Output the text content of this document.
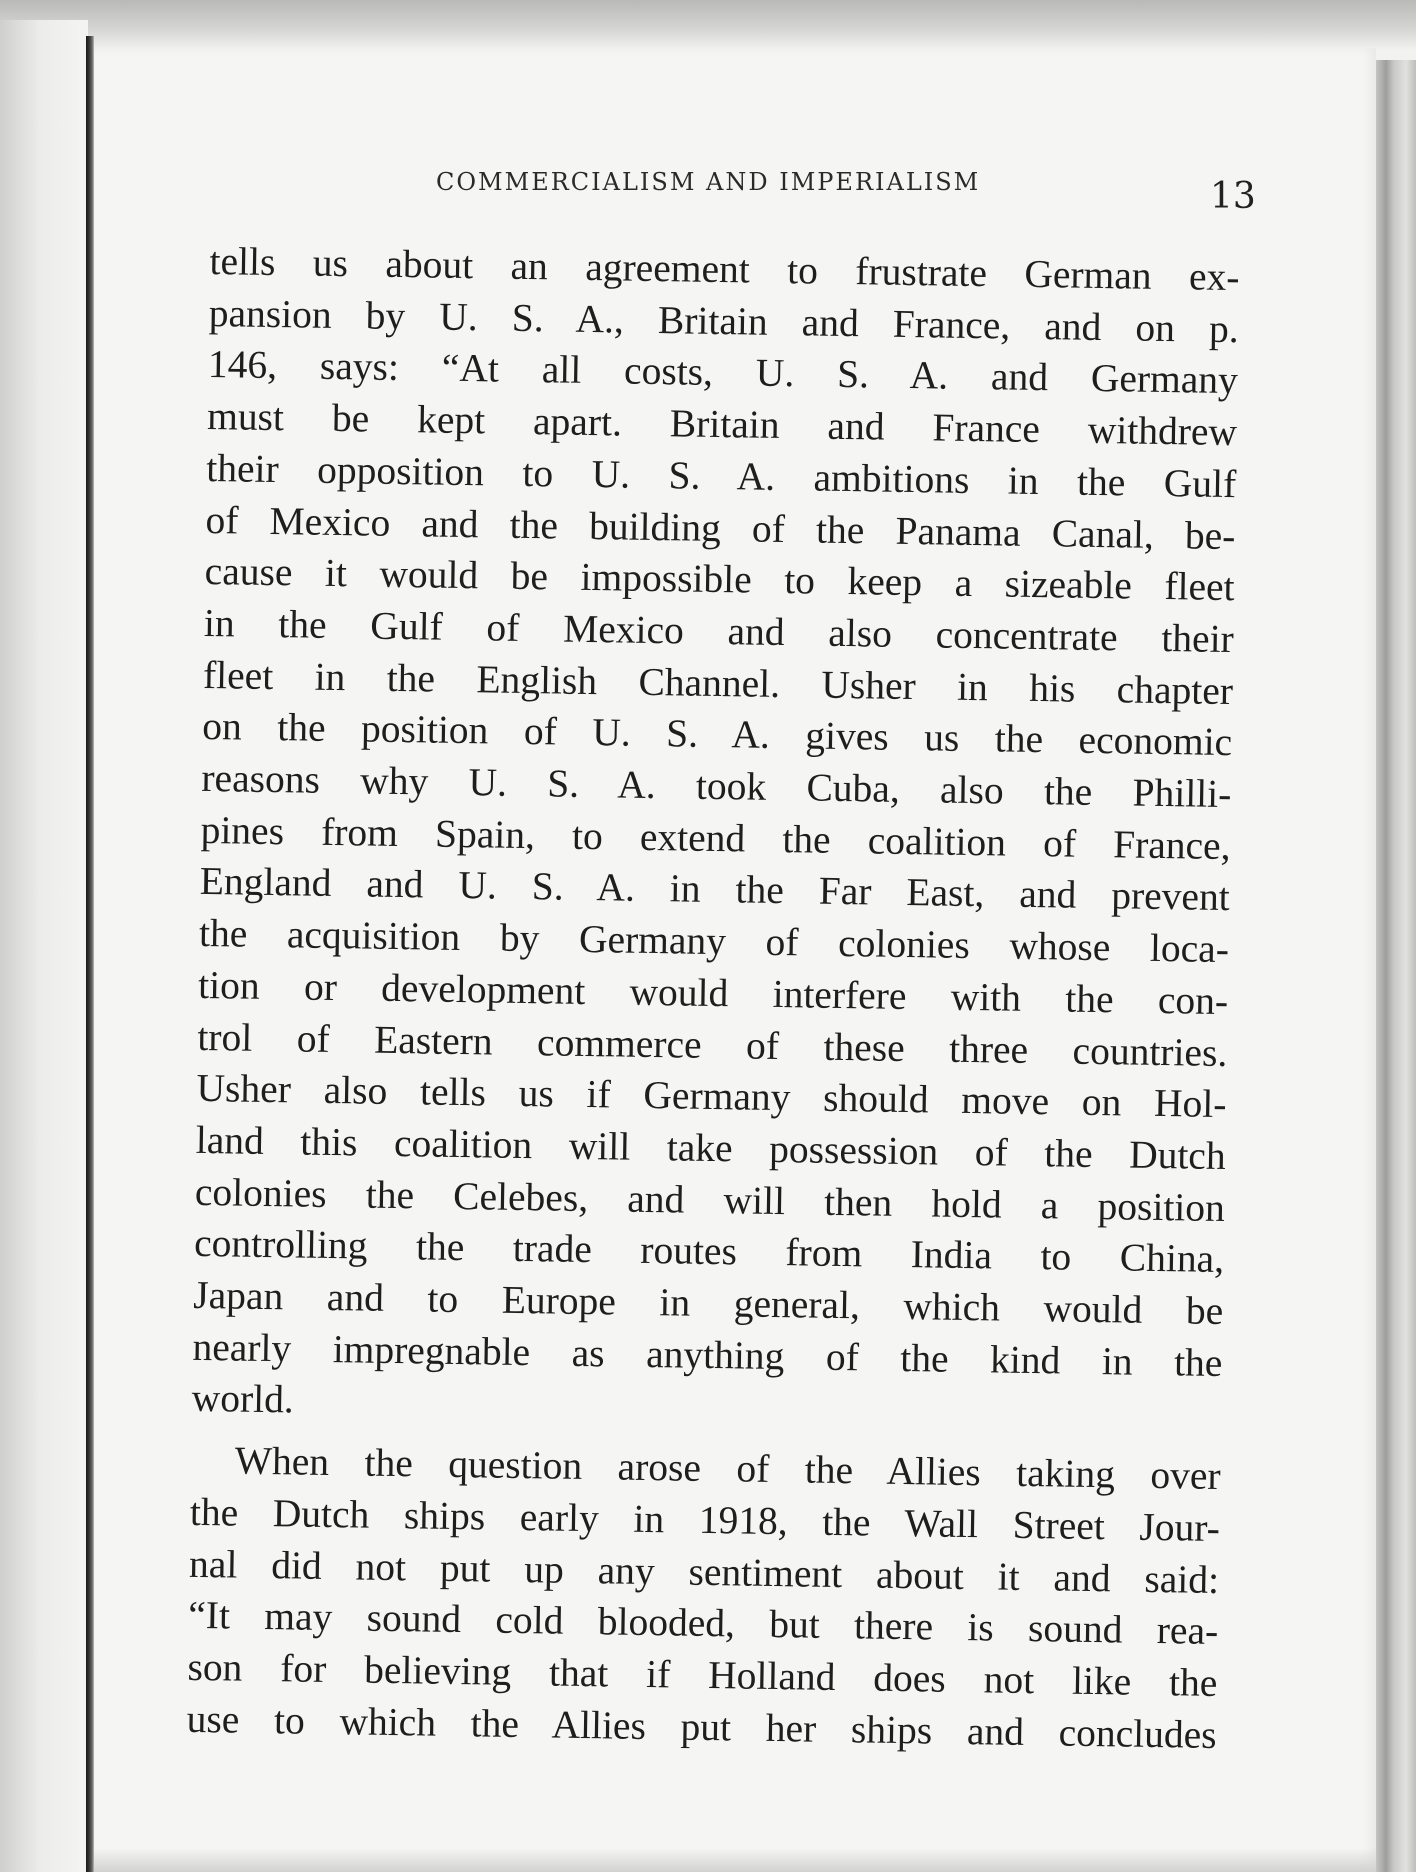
COMMERCIALISM AND IMPERIALISM	13
tells us about an agreement to frustrate German ex-
pansion by U. S. A., Britain and France, and on p.
146, says: “At all costs, U. S. A. and Germany
must be kept apart. Britain and France withdrew
their opposition to U. S. A. ambitions in the Gulf
of Mexico and the building of the Panama Canal, be-
cause it would be impossible to keep a sizeable fleet
in the Gulf of Mexico and also concentrate their
fleet in the English Channel. Usher in his chapter
on the position of U. S. A. gives us the economic
reasons why U. S. A. took Cuba, also the Philli-
pines from Spain, to extend the coalition of France,
England and U. S. A. in the Far East, and prevent
the acquisition by Germany of colonies whose loca-
tion or development would interfere with the con-
trol of Eastern commerce of these three countries.
Usher also tells us if Germany should move on Hol-
land this coalition will take possession of the Dutch
colonies the Celebes, and will then hold a position
controlling the trade routes from India to China,
Japan and to Europe in general, which would be
nearly impregnable as anything of the kind in the
world.
When the question arose of the Allies taking over
the Dutch ships early in 1918, the Wall Street Jour-
nal did not put up any sentiment about it and said:
“It may sound cold blooded, but there is sound rea-
son for believing that if Holland does not like the
use to which the Allies put her ships and concludes
